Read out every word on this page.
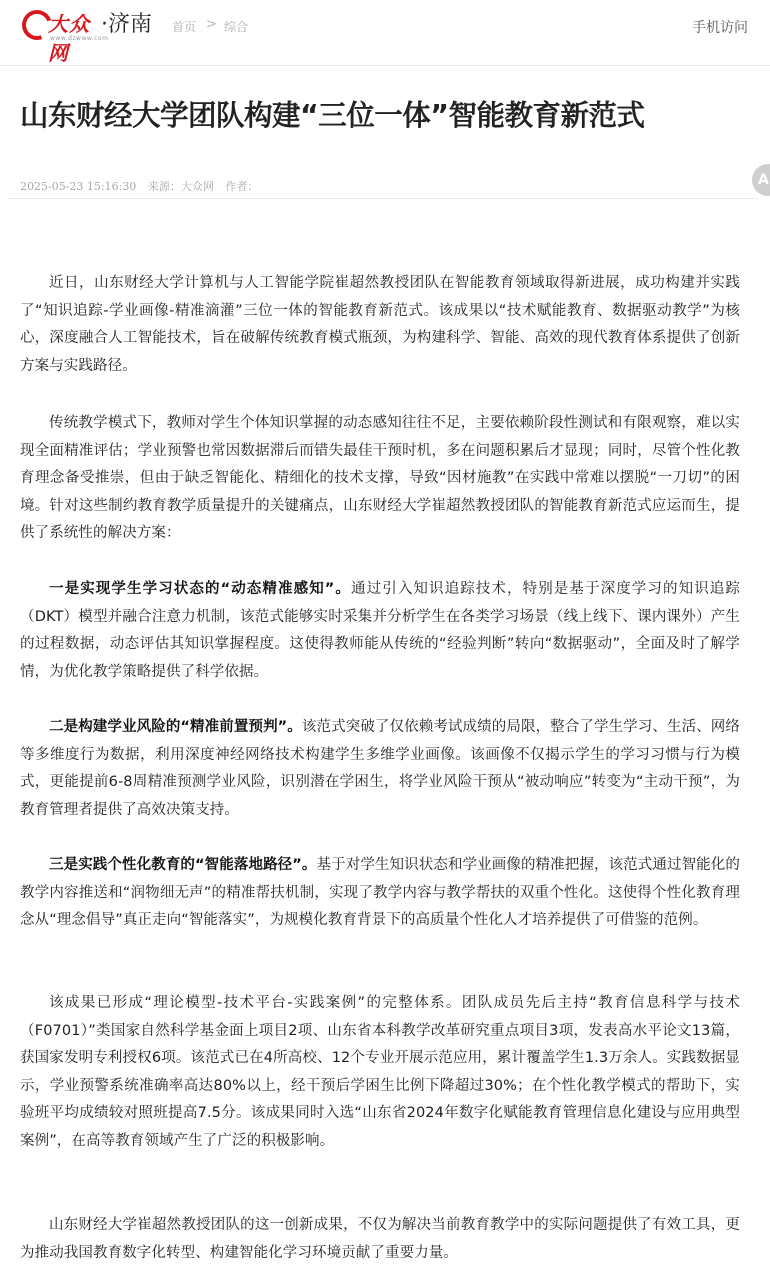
大众网
www.dzwww.com
·济南 首页 > 综合	手机访问
山东财经大学团队构建“三位一体”智能教育新范式
2025-05-23 15:16:30 来源：大众网 作者：	A

近日，山东财经大学计算机与人工智能学院崔超然教授团队在智能教育领域取得新进展，成功构建并实践了“知识追踪-学业画像-精准滴灌”三位一体的智能教育新范式。该成果以“技术赋能教育、数据驱动教学”为核心，深度融合人工智能技术，旨在破解传统教育模式瓶颈，为构建科学、智能、高效的现代教育体系提供了创新方案与实践路径。

传统教学模式下，教师对学生个体知识掌握的动态感知往往不足，主要依赖阶段性测试和有限观察，难以实现全面精准评估；学业预警也常因数据滞后而错失最佳干预时机，多在问题积累后才显现；同时，尽管个性化教育理念备受推崇，但由于缺乏智能化、精细化的技术支撑，导致“因材施教”在实践中常难以摆脱“一刀切”的困境。针对这些制约教育教学质量提升的关键痛点，山东财经大学崔超然教授团队的智能教育新范式应运而生，提供了系统性的解决方案：

一是实现学生学习状态的“动态精准感知”。通过引入知识追踪技术，特别是基于深度学习的知识追踪（DKT）模型并融合注意力机制，该范式能够实时采集并分析学生在各类学习场景（线上线下、课内课外）产生的过程数据，动态评估其知识掌握程度。这使得教师能从传统的“经验判断”转向“数据驱动”，全面及时了解学情，为优化教学策略提供了科学依据。

二是构建学业风险的“精准前置预判”。该范式突破了仅依赖考试成绩的局限，整合了学生学习、生活、网络等多维度行为数据，利用深度神经网络技术构建学生多维学业画像。该画像不仅揭示学生的学习习惯与行为模式，更能提前6-8周精准预测学业风险，识别潜在学困生，将学业风险干预从“被动响应”转变为“主动干预”，为教育管理者提供了高效决策支持。

三是实践个性化教育的“智能落地路径”。基于对学生知识状态和学业画像的精准把握，该范式通过智能化的教学内容推送和“润物细无声”的精准帮扶机制，实现了教学内容与教学帮扶的双重个性化。这使得个性化教育理念从“理念倡导”真正走向“智能落实”，为规模化教育背景下的高质量个性化人才培养提供了可借鉴的范例。

该成果已形成“理论模型-技术平台-实践案例”的完整体系。团队成员先后主持“教育信息科学与技术（F0701）”类国家自然科学基金面上项目2项、山东省本科教学改革研究重点项目3项，发表高水平论文13篇，获国家发明专利授权6项。该范式已在4所高校、12个专业开展示范应用，累计覆盖学生1.3万余人。实践数据显示，学业预警系统准确率高达80%以上，经干预后学困生比例下降超过30%；在个性化教学模式的帮助下，实验班平均成绩较对照班提高7.5分。该成果同时入选“山东省2024年数字化赋能教育管理信息化建设与应用典型案例”，在高等教育领域产生了广泛的积极影响。

山东财经大学崔超然教授团队的这一创新成果，不仅为解决当前教育教学中的实际问题提供了有效工具，更为推动我国教育数字化转型、构建智能化学习环境贡献了重要力量。
